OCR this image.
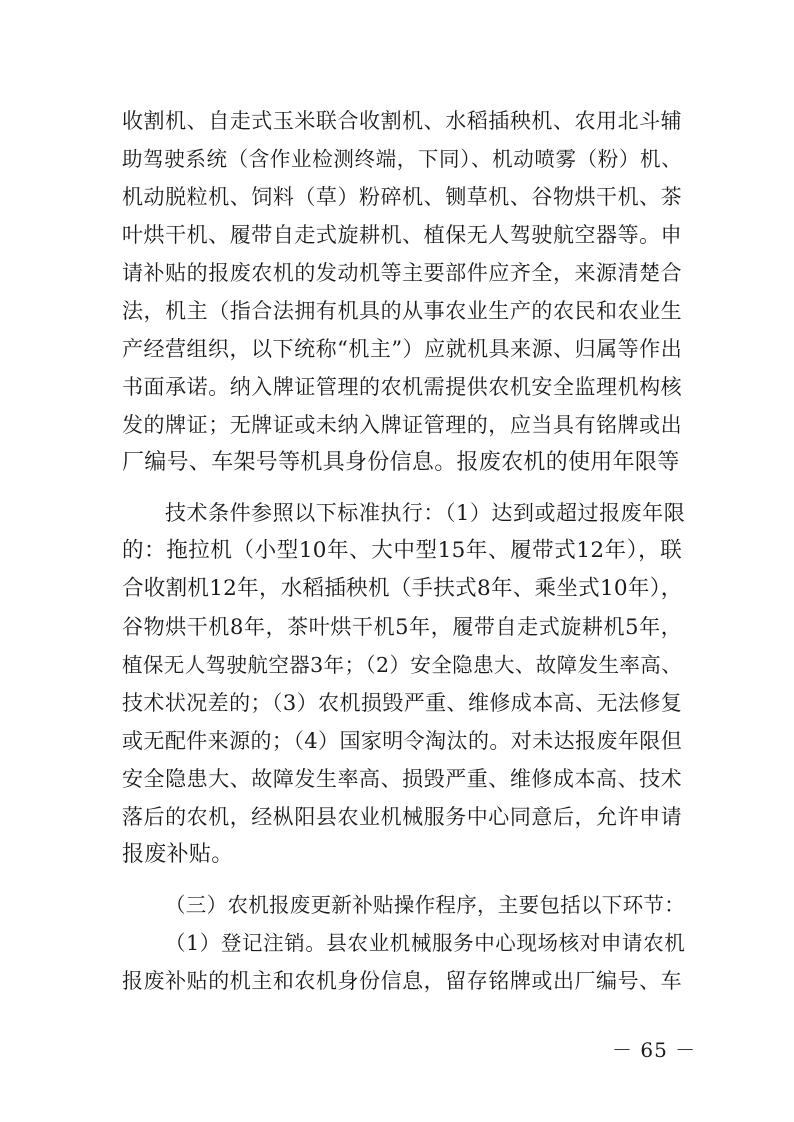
收割机、自走式玉米联合收割机、水稻插秧机、农用北斗辅
助驾驶系统（含作业检测终端，下同）、机动喷雾（粉）机、
机动脱粒机、饲料（草）粉碎机、铡草机、谷物烘干机、茶
叶烘干机、履带自走式旋耕机、植保无人驾驶航空器等。申
请补贴的报废农机的发动机等主要部件应齐全，来源清楚合
法，机主（指合法拥有机具的从事农业生产的农民和农业生
产经营组织，以下统称“机主”）应就机具来源、归属等作出
书面承诺。纳入牌证管理的农机需提供农机安全监理机构核
发的牌证；无牌证或未纳入牌证管理的，应当具有铭牌或出
厂编号、车架号等机具身份信息。报废农机的使用年限等
技术条件参照以下标准执行：（1）达到或超过报废年限
的：拖拉机（小型10年、大中型15年、履带式12年），联
合收割机12年，水稻插秧机（手扶式8年、乘坐式10年），
谷物烘干机8年，茶叶烘干机5年，履带自走式旋耕机5年，
植保无人驾驶航空器3年；（2）安全隐患大、故障发生率高、
技术状况差的；（3）农机损毁严重、维修成本高、无法修复
或无配件来源的；（4）国家明令淘汰的。对未达报废年限但
安全隐患大、故障发生率高、损毁严重、维修成本高、技术
落后的农机，经枞阳县农业机械服务中心同意后，允许申请
报废补贴。
（三）农机报废更新补贴操作程序，主要包括以下环节：
（1）登记注销。县农业机械服务中心现场核对申请农机
报废补贴的机主和农机身份信息，留存铭牌或出厂编号、车
－ 65 －
